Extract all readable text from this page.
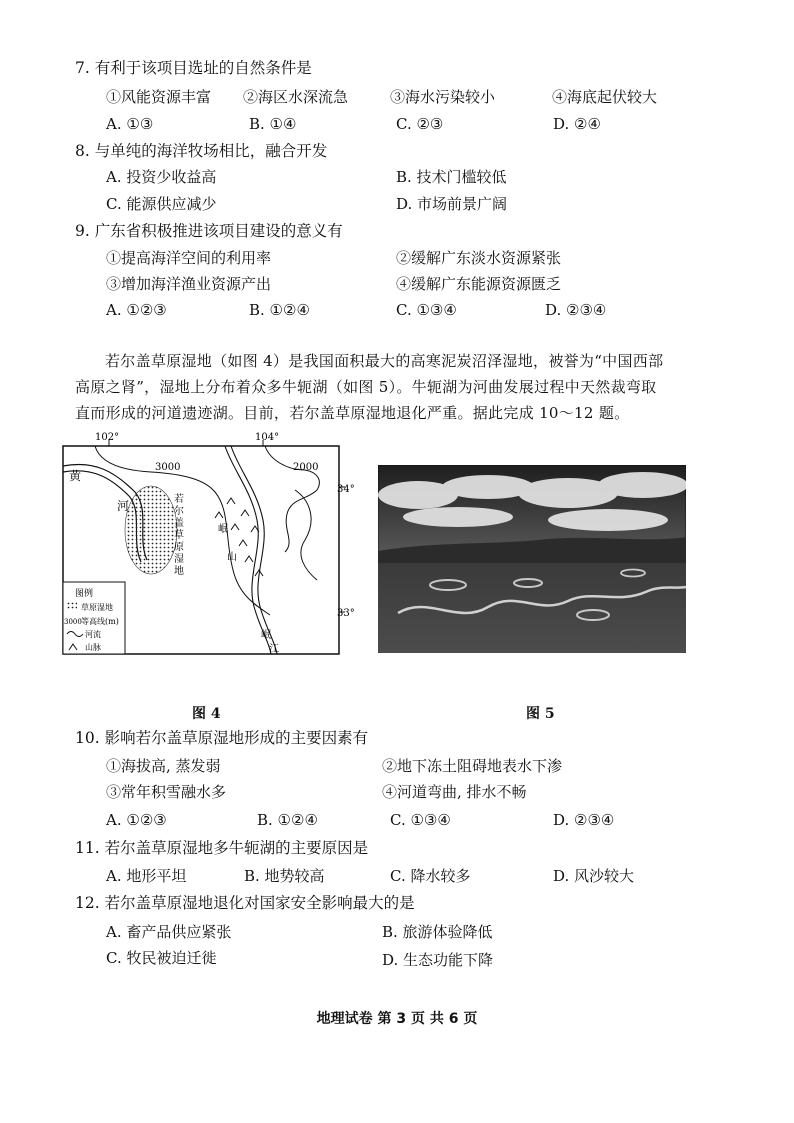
7. 有利于该项目选址的自然条件是
①风能资源丰富 ②海区水深流急	③海水污染较小	④海底起伏较大
A. ①③	B. ①④	C. ②③	D. ②④
8. 与单纯的海洋牧场相比，融合开发
A. 投资少收益高	B. 技术门槛较低
C. 能源供应减少	D. 市场前景广阔
9. 广东省积极推进该项目建设的意义有
①提高海洋空间的利用率	②缓解广东淡水资源紧张
③增加海洋渔业资源产出	④缓解广东能源资源匮乏
A. ①②③	B. ①②④	C. ①③④	D. ②③④
若尔盖草原湿地（如图 4）是我国面积最大的高寒泥炭沼泽湿地，被誉为“中国西部
高原之肾”，湿地上分布着众多牛轭湖（如图 5）。牛轭湖为河曲发展过程中天然裁弯取
直而形成的河道遗迹湖。目前，若尔盖草原湿地退化严重。据此完成 10～12 题。
102°	104°
34°
33°
黄
河
3000	2000
若
尔
盖
草
原
湿
地
岷
山
岷
江
图例
草原湿地
3000 等高线(m)
河流
山脉
图 4	图 5
10. 影响若尔盖草原湿地形成的主要因素有
①海拔高, 蒸发弱	②地下冻土阻碍地表水下渗
③常年积雪融水多	④河道弯曲, 排水不畅
A. ①②③	B. ①②④	C. ①③④	D. ②③④
11. 若尔盖草原湿地多牛轭湖的主要原因是
A. 地形平坦	B. 地势较高	C. 降水较多	D. 风沙较大
12. 若尔盖草原湿地退化对国家安全影响最大的是
A. 畜产品供应紧张	B. 旅游体验降低
C. 牧民被迫迁徙	D. 生态功能下降
地理试卷 第 3 页 共 6 页
